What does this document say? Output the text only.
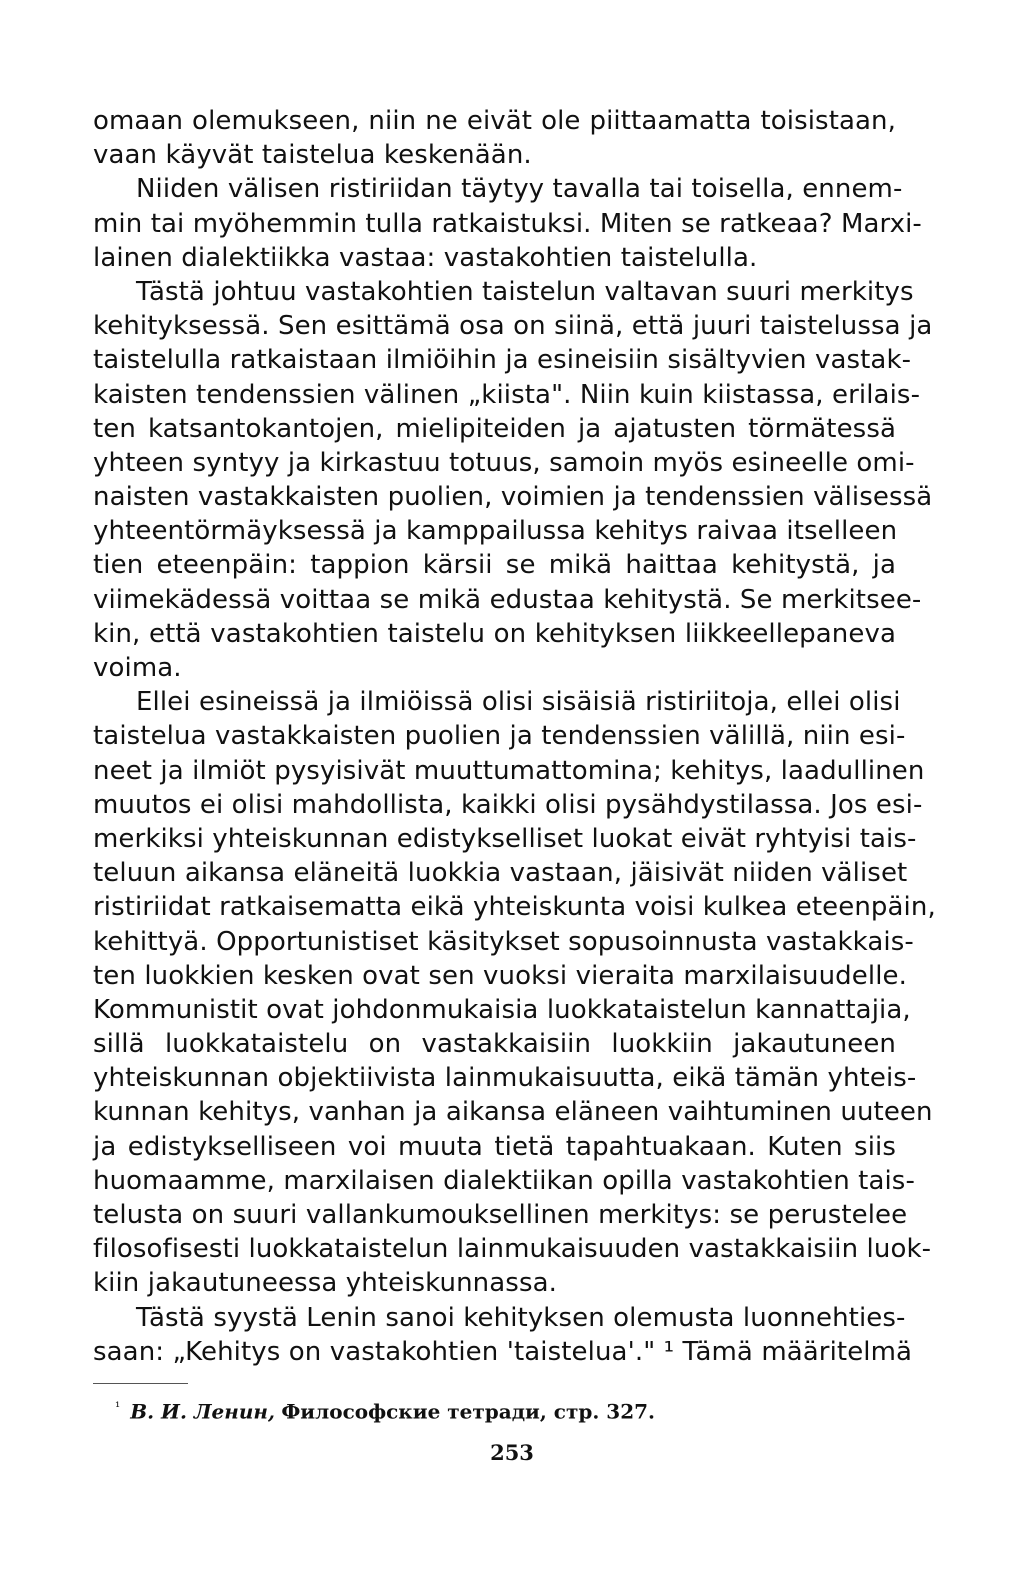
omaan olemukseen, niin ne eivät ole piittaamatta toisistaan,
vaan käyvät taistelua keskenään.
Niiden välisen ristiriidan täytyy tavalla tai toisella, ennem-
min tai myöhemmin tulla ratkaistuksi. Miten se ratkeaa? Marxi-
lainen dialektiikka vastaa: vastakohtien taistelulla.
Tästä johtuu vastakohtien taistelun valtavan suuri merkitys
kehityksessä. Sen esittämä osa on siinä, että juuri taistelussa ja
taistelulla ratkaistaan ilmiöihin ja esineisiin sisältyvien vastak-
kaisten tendenssien välinen „kiista". Niin kuin kiistassa, erilais-
ten katsantokantojen, mielipiteiden ja ajatusten törmätessä
yhteen syntyy ja kirkastuu totuus, samoin myös esineelle omi-
naisten vastakkaisten puolien, voimien ja tendenssien välisessä
yhteentörmäyksessä ja kamppailussa kehitys raivaa itselleen
tien eteenpäin: tappion kärsii se mikä haittaa kehitystä, ja
viimekädessä voittaa se mikä edustaa kehitystä. Se merkitsee-
kin, että vastakohtien taistelu on kehityksen liikkeellepaneva
voima.
Ellei esineissä ja ilmiöissä olisi sisäisiä ristiriitoja, ellei olisi
taistelua vastakkaisten puolien ja tendenssien välillä, niin esi-
neet ja ilmiöt pysyisivät muuttumattomina; kehitys, laadullinen
muutos ei olisi mahdollista, kaikki olisi pysähdystilassa. Jos esi-
merkiksi yhteiskunnan edistykselliset luokat eivät ryhtyisi tais-
teluun aikansa eläneitä luokkia vastaan, jäisivät niiden väliset
ristiriidat ratkaisematta eikä yhteiskunta voisi kulkea eteenpäin,
kehittyä. Opportunistiset käsitykset sopusoinnusta vastakkais-
ten luokkien kesken ovat sen vuoksi vieraita marxilaisuudelle.
Kommunistit ovat johdonmukaisia luokkataistelun kannattajia,
sillä luokkataistelu on vastakkaisiin luokkiin jakautuneen
yhteiskunnan objektiivista lainmukaisuutta, eikä tämän yhteis-
kunnan kehitys, vanhan ja aikansa eläneen vaihtuminen uuteen
ja edistykselliseen voi muuta tietä tapahtuakaan. Kuten siis
huomaamme, marxilaisen dialektiikan opilla vastakohtien tais-
telusta on suuri vallankumouksellinen merkitys: se perustelee
filosofisesti luokkataistelun lainmukaisuuden vastakkaisiin luok-
kiin jakautuneessa yhteiskunnassa.
Tästä syystä Lenin sanoi kehityksen olemusta luonnehties-
saan: „Kehitys on vastakohtien 'taistelua'." ¹ Tämä määritelmä
$^{^1}$ В. И. Ленин, Философские тетради, стр. 327.
253
